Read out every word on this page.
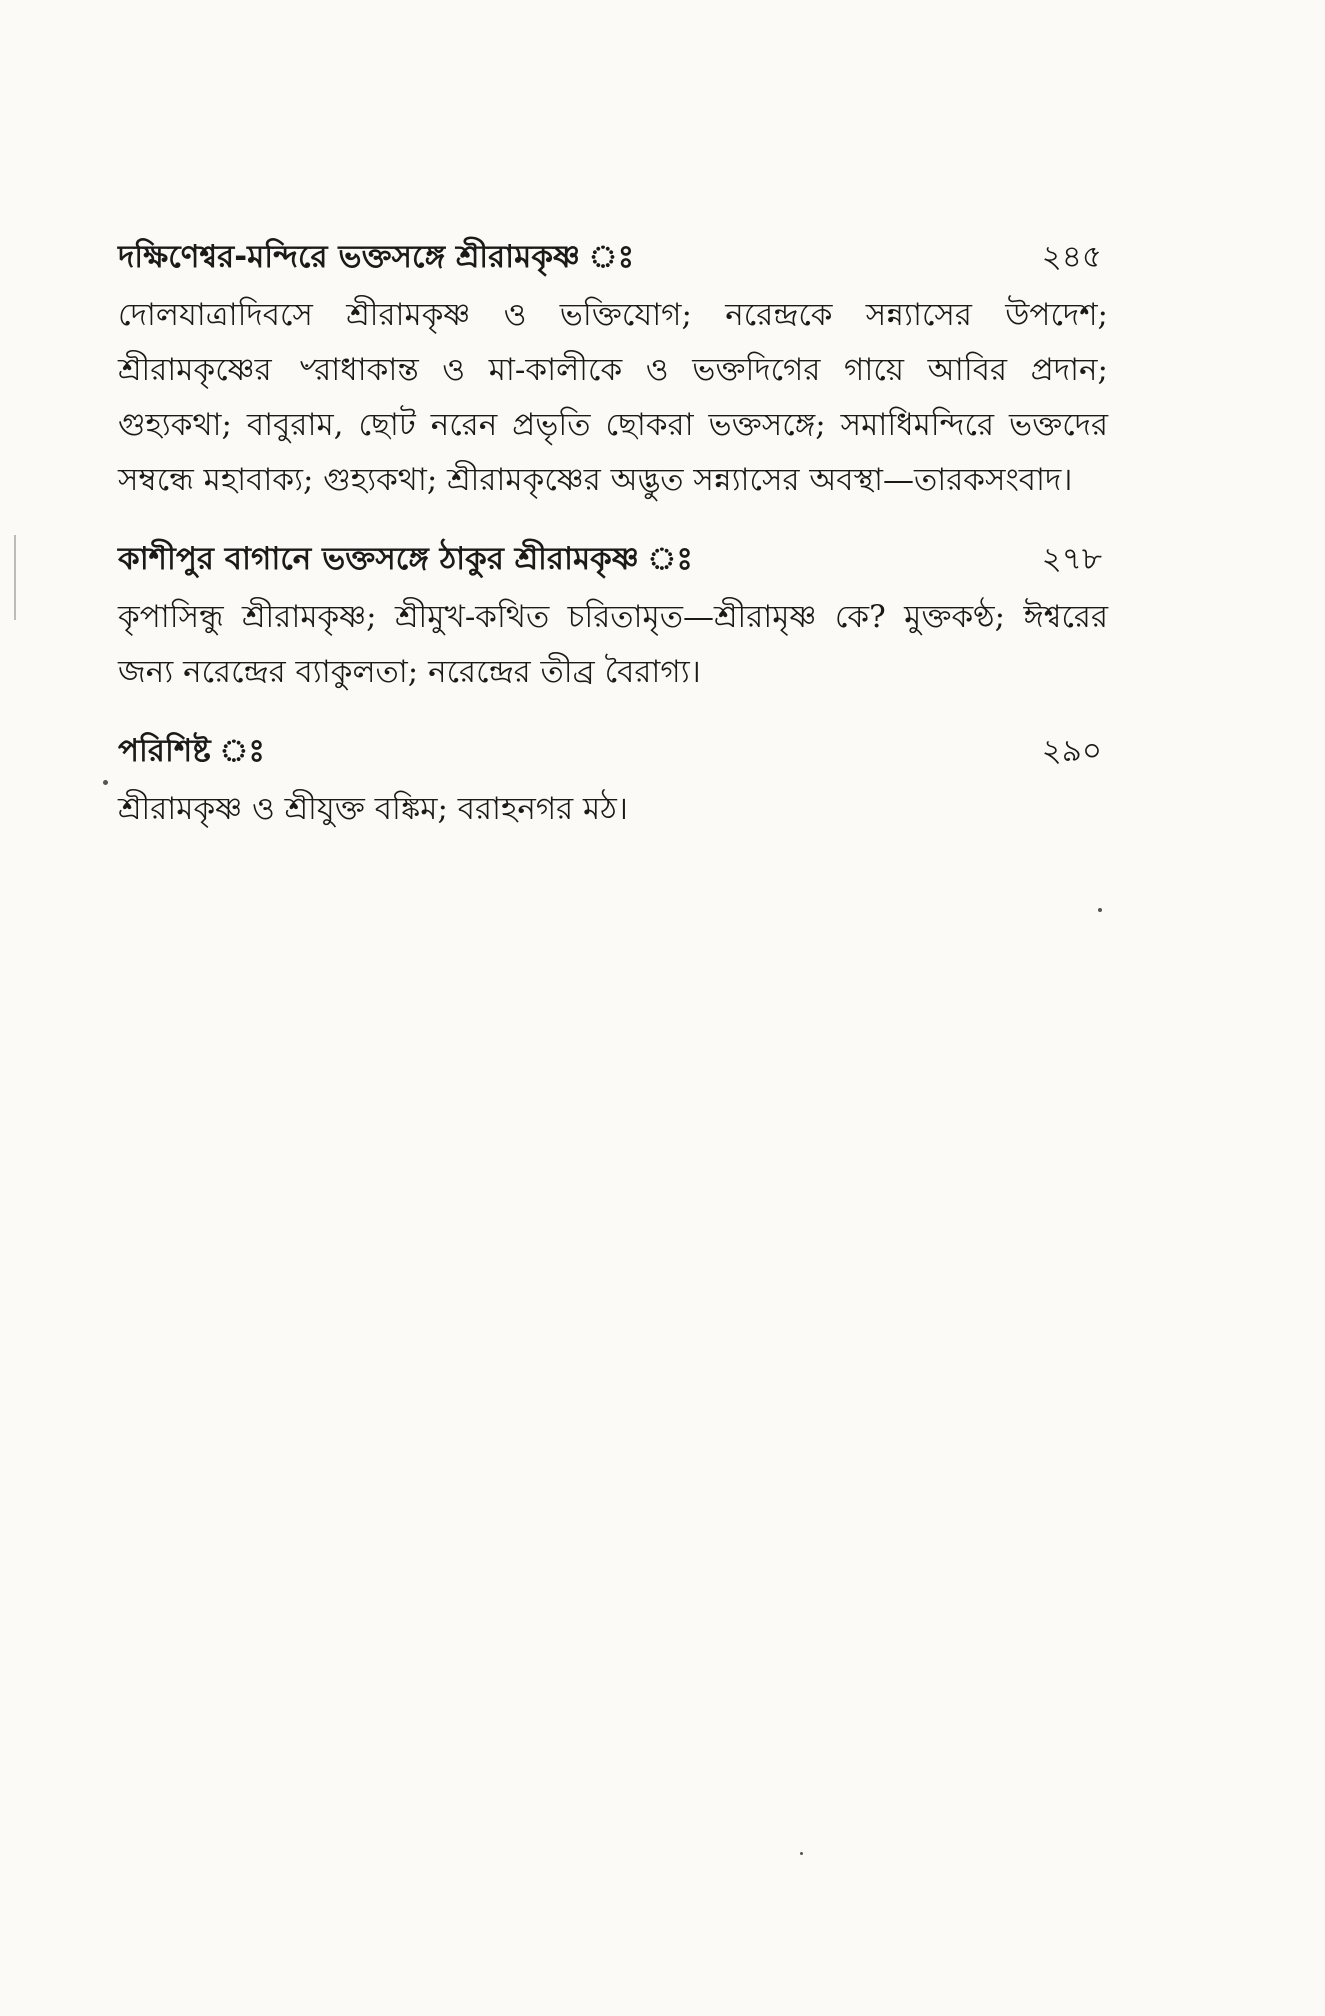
দক্ষিণেশ্বর-মন্দিরে ভক্তসঙ্গে শ্রীরামকৃষ্ণ ঃ	২৪৫
দোলযাত্রাদিবসে শ্রীরামকৃষ্ণ ও ভক্তিযোগ; নরেন্দ্রকে সন্ন্যাসের উপদেশ; শ্রীরামকৃষ্ণের ৺রাধাকান্ত ও মা-কালীকে ও ভক্তদিগের গায়ে আবির প্রদান; গুহ্যকথা; বাবুরাম, ছোট নরেন প্রভৃতি ছোকরা ভক্তসঙ্গে; সমাধিমন্দিরে ভক্তদের সম্বন্ধে মহাবাক্য; গুহ্যকথা; শ্রীরামকৃষ্ণের অদ্ভুত সন্ন্যাসের অবস্থা—তারকসংবাদ।
কাশীপুর বাগানে ভক্তসঙ্গে ঠাকুর শ্রীরামকৃষ্ণ ঃ	২৭৮
কৃপাসিন্ধু শ্রীরামকৃষ্ণ; শ্রীমুখ-কথিত চরিতামৃত—শ্রীরামৃষ্ণ কে? মুক্তকণ্ঠ; ঈশ্বরের জন্য নরেন্দ্রের ব্যাকুলতা; নরেন্দ্রের তীব্র বৈরাগ্য।
পরিশিষ্ট ঃ	২৯০
শ্রীরামকৃষ্ণ ও শ্রীযুক্ত বঙ্কিম; বরাহনগর মঠ।
